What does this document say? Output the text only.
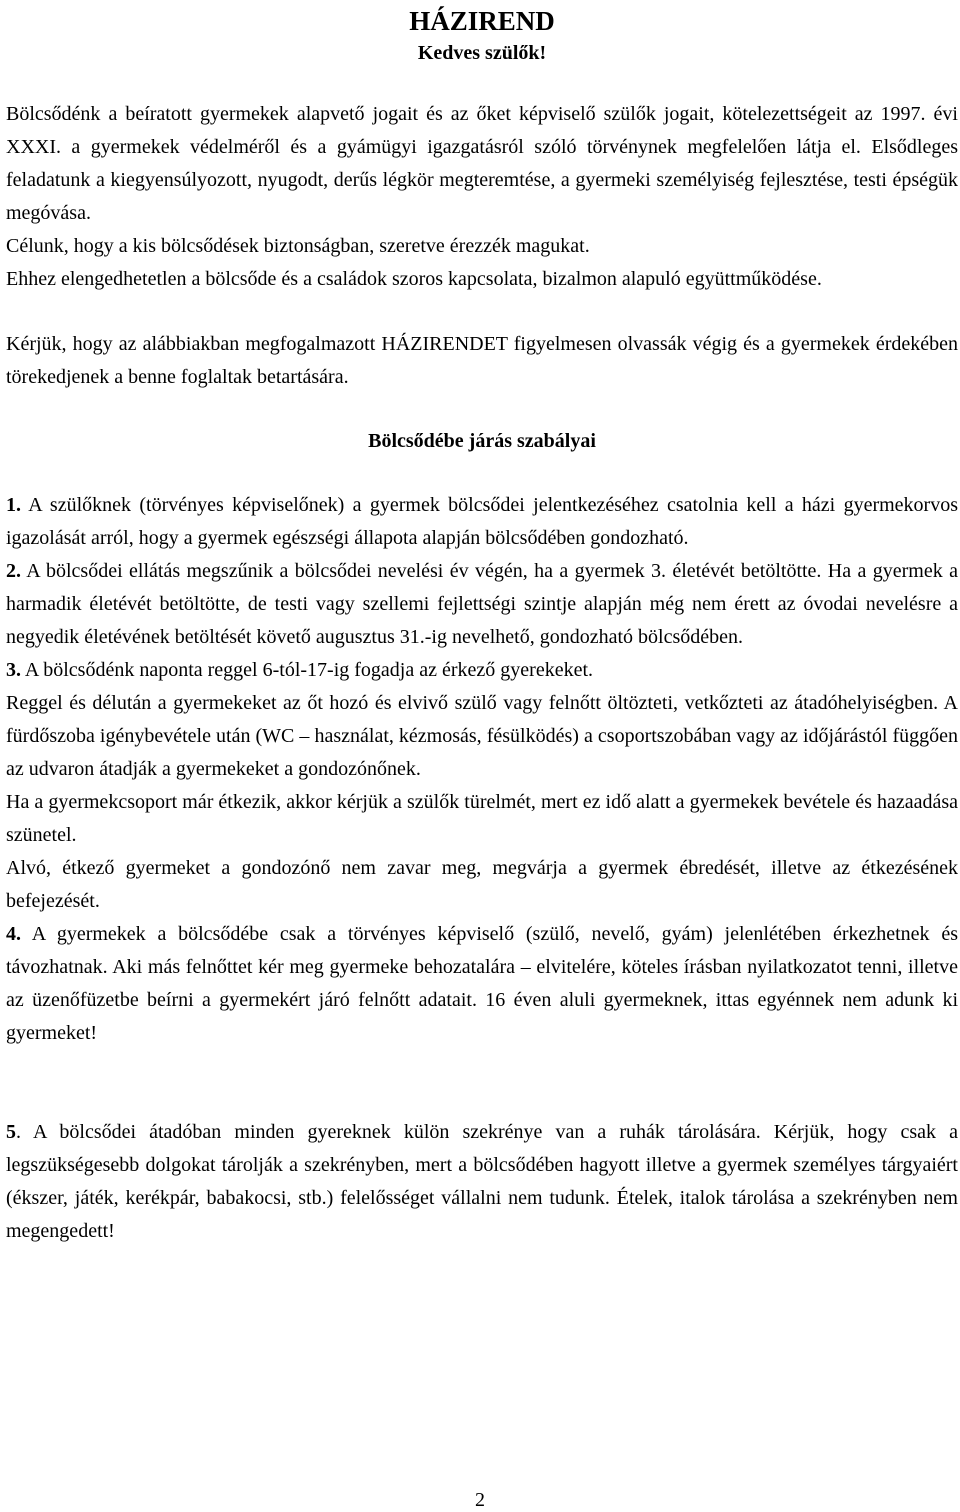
HÁZIREND
Kedves szülők!

Bölcsődénk a beíratott gyermekek alapvető jogait és az őket képviselő szülők jogait, kötelezettségeit az 1997. évi XXXI. a gyermekek védelméről és a gyámügyi igazgatásról szóló törvénynek megfelelően látja el. Elsődleges feladatunk a kiegyensúlyozott, nyugodt, derűs légkör megteremtése, a gyermeki személyiség fejlesztése, testi épségük megóvása.

Célunk, hogy a kis bölcsődések biztonságban, szeretve érezzék magukat.

Ehhez elengedhetetlen a bölcsőde és a családok szoros kapcsolata, bizalmon alapuló együttműködése.

Kérjük, hogy az alábbiakban megfogalmazott HÁZIRENDET figyelmesen olvassák végig és a gyermekek érdekében törekedjenek a benne foglaltak betartására.

Bölcsődébe járás szabályai

1. A szülőknek (törvényes képviselőnek) a gyermek bölcsődei jelentkezéséhez csatolnia kell a házi gyermekorvos igazolását arról, hogy a gyermek egészségi állapota alapján bölcsődében gondozható.

2. A bölcsődei ellátás megszűnik a bölcsődei nevelési év végén, ha a gyermek 3. életévét betöltötte. Ha a gyermek a harmadik életévét betöltötte, de testi vagy szellemi fejlettségi szintje alapján még nem érett az óvodai nevelésre a negyedik életévének betöltését követő augusztus 31.-ig nevelhető, gondozható bölcsődében.

3. A bölcsődénk naponta reggel 6-tól-17-ig fogadja az érkező gyerekeket.

Reggel és délután a gyermekeket az őt hozó és elvivő szülő vagy felnőtt öltözteti, vetkőzteti az átadóhelyiségben. A fürdőszoba igénybevétele után (WC – használat, kézmosás, fésülködés) a csoportszobában vagy az időjárástól függően az udvaron átadják a gyermekeket a gondozónőnek.

Ha a gyermekcsoport már étkezik, akkor kérjük a szülők türelmét, mert ez idő alatt a gyermekek bevétele és hazaadása szünetel.

Alvó, étkező gyermeket a gondozónő nem zavar meg, megvárja a gyermek ébredését, illetve az étkezésének befejezését.

4. A gyermekek a bölcsődébe csak a törvényes képviselő (szülő, nevelő, gyám) jelenlétében érkezhetnek és távozhatnak. Aki más felnőttet kér meg gyermeke behozatalára – elvitelére, köteles írásban nyilatkozatot tenni, illetve az üzenőfüzetbe beírni a gyermekért járó felnőtt adatait. 16 éven aluli gyermeknek, ittas egyénnek nem adunk ki gyermeket!

5. A bölcsődei átadóban minden gyereknek külön szekrénye van a ruhák tárolására. Kérjük, hogy csak a legszükségesebb dolgokat tárolják a szekrényben, mert a bölcsődében hagyott illetve a gyermek személyes tárgyaiért (ékszer, játék, kerékpár, babakocsi, stb.) felelősséget vállalni nem tudunk. Ételek, italok tárolása a szekrényben nem megengedett!

2
